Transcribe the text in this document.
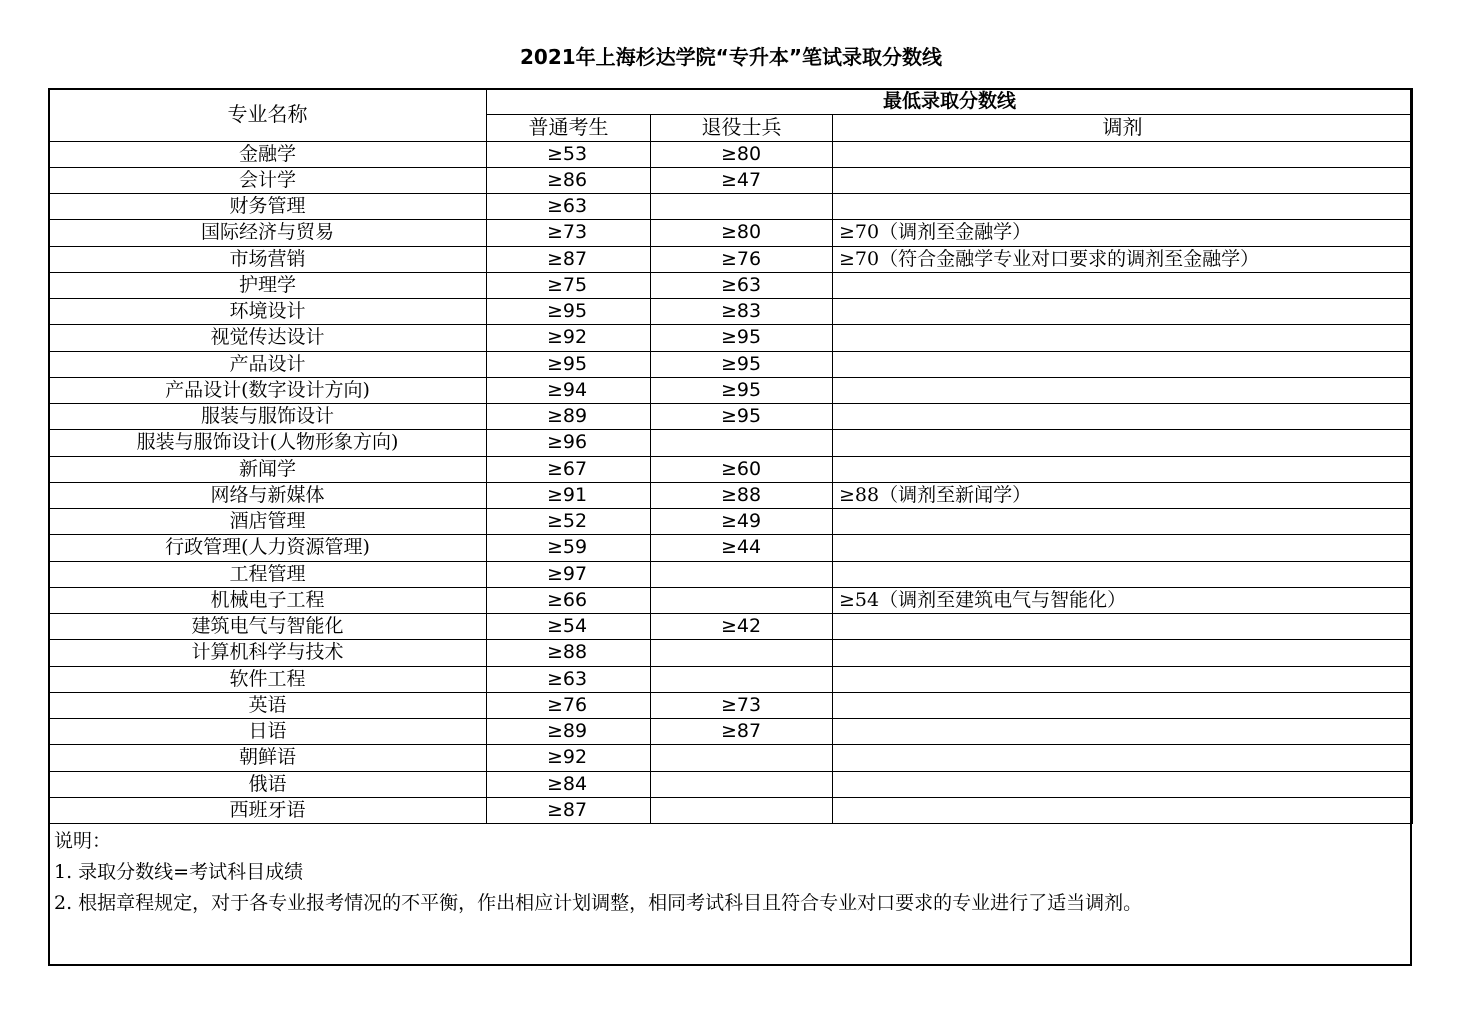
2021年上海杉达学院“专升本”笔试录取分数线
专业名称	最低录取分数线		
	普通考生	退役士兵	调剂
金融学	≥53	≥80	
会计学	≥86	≥47	
财务管理	≥63		
国际经济与贸易	≥73	≥80	≥70（调剂至金融学）
市场营销	≥87	≥76	≥70（符合金融学专业对口要求的调剂至金融学）
护理学	≥75	≥63	
环境设计	≥95	≥83	
视觉传达设计	≥92	≥95	
产品设计	≥95	≥95	
产品设计(数字设计方向)	≥94	≥95	
服装与服饰设计	≥89	≥95	
服装与服饰设计(人物形象方向)	≥96		
新闻学	≥67	≥60	
网络与新媒体	≥91	≥88	≥88（调剂至新闻学）
酒店管理	≥52	≥49	
行政管理(人力资源管理)	≥59	≥44	
工程管理	≥97		
机械电子工程	≥66		≥54（调剂至建筑电气与智能化）
建筑电气与智能化	≥54	≥42	
计算机科学与技术	≥88		
软件工程	≥63		
英语	≥76	≥73	
日语	≥89	≥87	
朝鲜语	≥92		
俄语	≥84		
西班牙语	≥87		
说明：
1. 录取分数线=考试科目成绩
2. 根据章程规定，对于各专业报考情况的不平衡，作出相应计划调整，相同考试科目且符合专业对口要求的专业进行了适当调剂。
